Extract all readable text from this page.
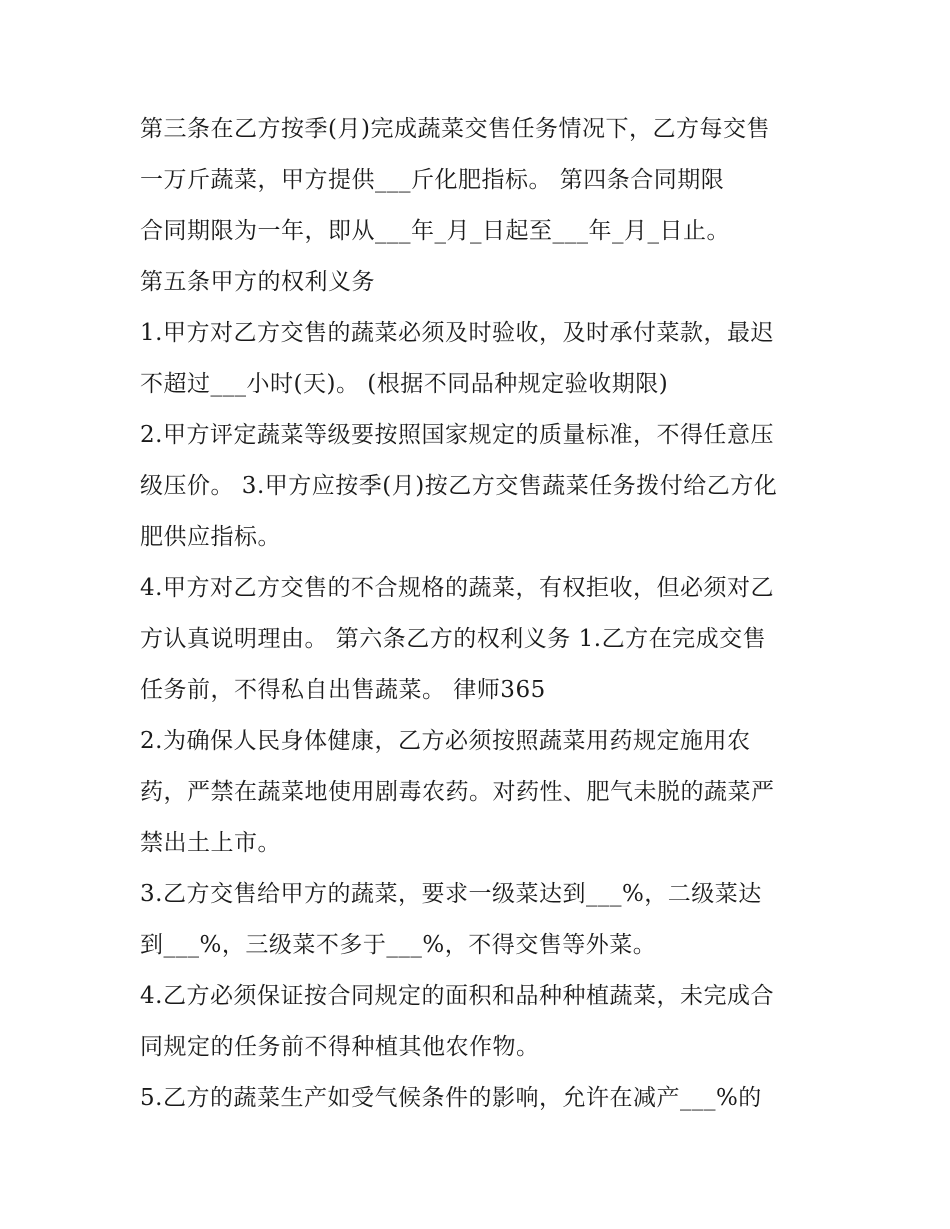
第三条在乙方按季(月)完成蔬菜交售任务情况下，乙方每交售
一万斤蔬菜，甲方提供___斤化肥指标。 第四条合同期限
合同期限为一年，即从___年_月_日起至___年_月_日止。
第五条甲方的权利义务
1.甲方对乙方交售的蔬菜必须及时验收，及时承付菜款，最迟
不超过___小时(天)。 (根据不同品种规定验收期限)
2.甲方评定蔬菜等级要按照国家规定的质量标准，不得任意压
级压价。 3.甲方应按季(月)按乙方交售蔬菜任务拨付给乙方化
肥供应指标。
4.甲方对乙方交售的不合规格的蔬菜，有权拒收，但必须对乙
方认真说明理由。 第六条乙方的权利义务 1.乙方在完成交售
任务前，不得私自出售蔬菜。 律师365
2.为确保人民身体健康，乙方必须按照蔬菜用药规定施用农
药，严禁在蔬菜地使用剧毒农药。对药性、肥气未脱的蔬菜严
禁出土上市。
3.乙方交售给甲方的蔬菜，要求一级菜达到___%，二级菜达
到___%，三级菜不多于___%，不得交售等外菜。
4.乙方必须保证按合同规定的面积和品种种植蔬菜，未完成合
同规定的任务前不得种植其他农作物。
5.乙方的蔬菜生产如受气候条件的影响，允许在减产___%的
